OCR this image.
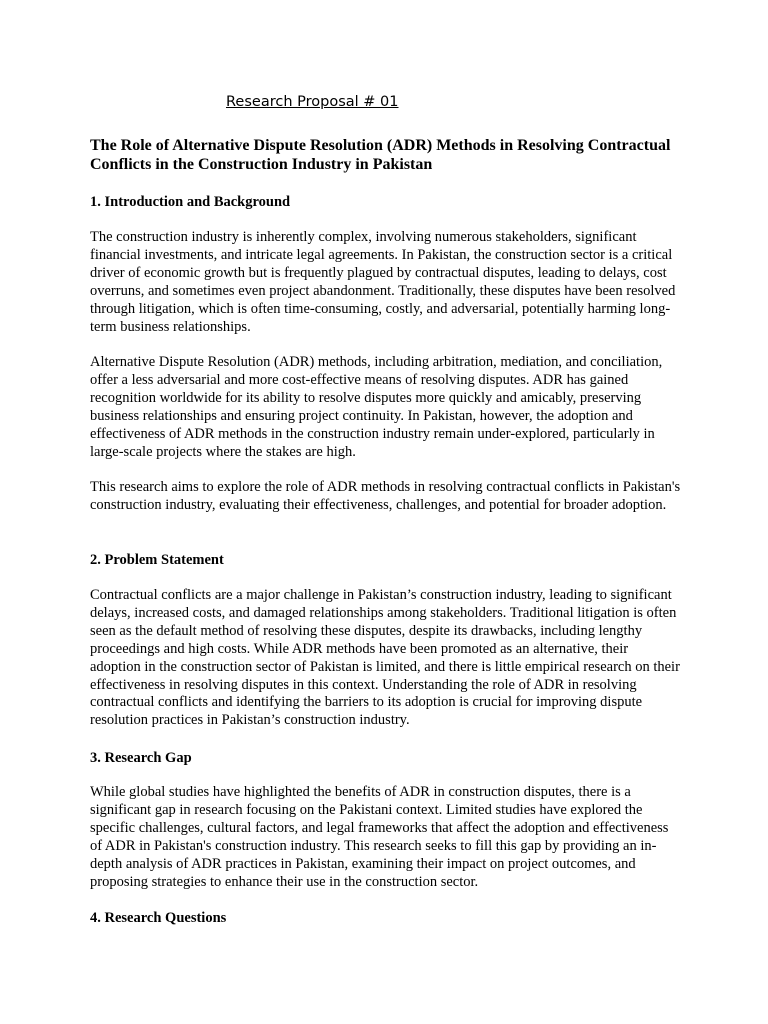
Research Proposal # 01
The Role of Alternative Dispute Resolution (ADR) Methods in Resolving Contractual Conflicts in the Construction Industry in Pakistan
1. Introduction and Background

The construction industry is inherently complex, involving numerous stakeholders, significant financial investments, and intricate legal agreements. In Pakistan, the construction sector is a critical driver of economic growth but is frequently plagued by contractual disputes, leading to delays, cost overruns, and sometimes even project abandonment. Traditionally, these disputes have been resolved through litigation, which is often time-consuming, costly, and adversarial, potentially harming long-term business relationships.

Alternative Dispute Resolution (ADR) methods, including arbitration, mediation, and conciliation, offer a less adversarial and more cost-effective means of resolving disputes. ADR has gained recognition worldwide for its ability to resolve disputes more quickly and amicably, preserving business relationships and ensuring project continuity. In Pakistan, however, the adoption and effectiveness of ADR methods in the construction industry remain under-explored, particularly in large-scale projects where the stakes are high.

This research aims to explore the role of ADR methods in resolving contractual conflicts in Pakistan's construction industry, evaluating their effectiveness, challenges, and potential for broader adoption.

2. Problem Statement

Contractual conflicts are a major challenge in Pakistan’s construction industry, leading to significant delays, increased costs, and damaged relationships among stakeholders. Traditional litigation is often seen as the default method of resolving these disputes, despite its drawbacks, including lengthy proceedings and high costs. While ADR methods have been promoted as an alternative, their adoption in the construction sector of Pakistan is limited, and there is little empirical research on their effectiveness in resolving disputes in this context. Understanding the role of ADR in resolving contractual conflicts and identifying the barriers to its adoption is crucial for improving dispute resolution practices in Pakistan’s construction industry.

3. Research Gap

While global studies have highlighted the benefits of ADR in construction disputes, there is a significant gap in research focusing on the Pakistani context. Limited studies have explored the specific challenges, cultural factors, and legal frameworks that affect the adoption and effectiveness of ADR in Pakistan's construction industry. This research seeks to fill this gap by providing an in-depth analysis of ADR practices in Pakistan, examining their impact on project outcomes, and proposing strategies to enhance their use in the construction sector.

4. Research Questions
